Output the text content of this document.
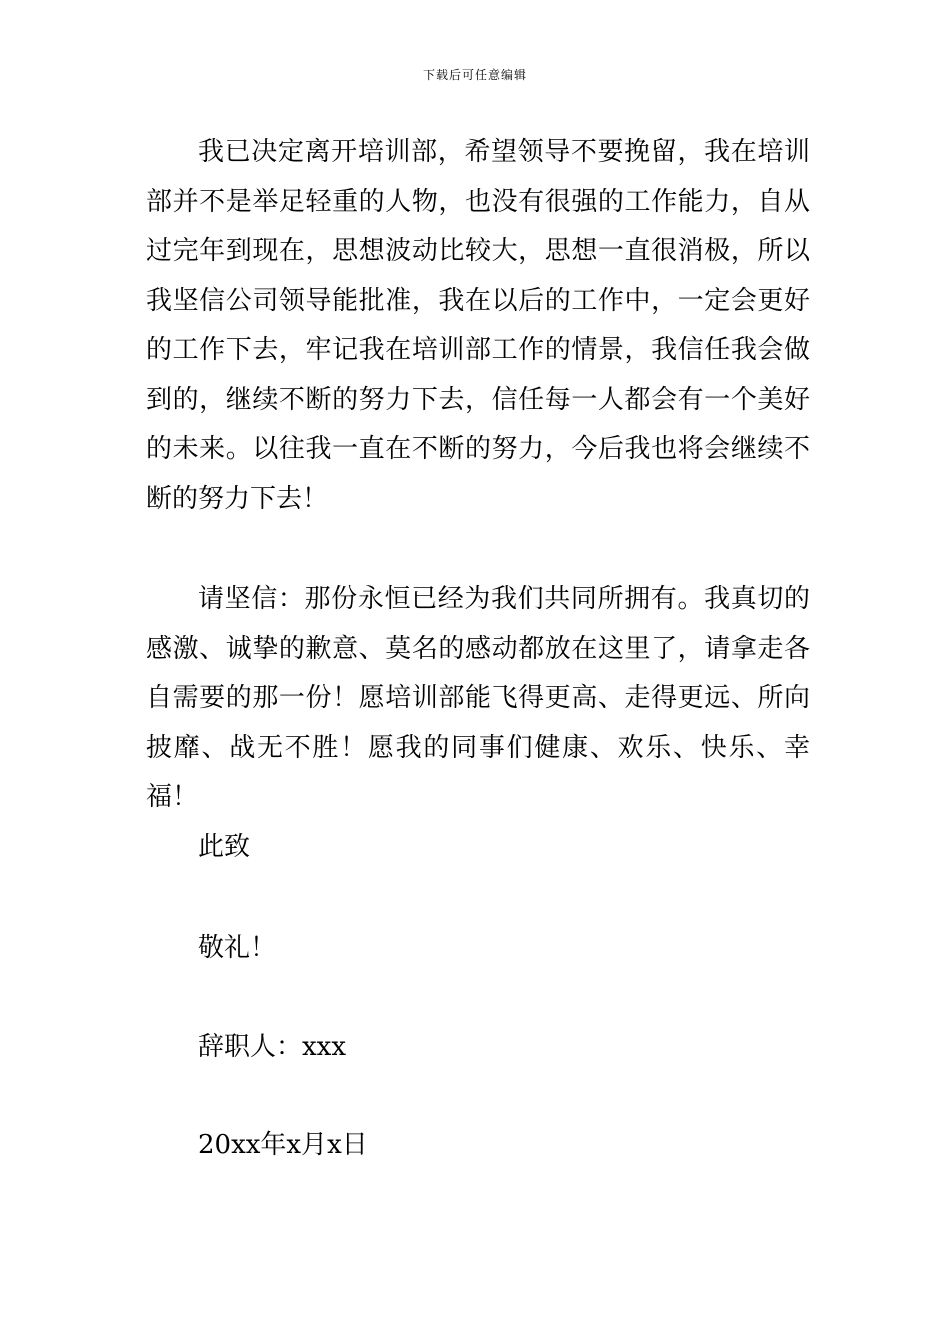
下载后可任意编辑

我已决定离开培训部，希望领导不要挽留，我在培训部并不是举足轻重的人物，也没有很强的工作能力，自从过完年到现在，思想波动比较大，思想一直很消极，所以我坚信公司领导能批准，我在以后的工作中，一定会更好的工作下去，牢记我在培训部工作的情景，我信任我会做到的，继续不断的努力下去，信任每一人都会有一个美好的未来。以往我一直在不断的努力，今后我也将会继续不断的努力下去！

请坚信：那份永恒已经为我们共同所拥有。我真切的感激、诚挚的歉意、莫名的感动都放在这里了，请拿走各自需要的那一份！愿培训部能飞得更高、走得更远、所向披靡、战无不胜！愿我的同事们健康、欢乐、快乐、幸福！

此致

敬礼！

辞职人：xxx

20xx年x月x日
